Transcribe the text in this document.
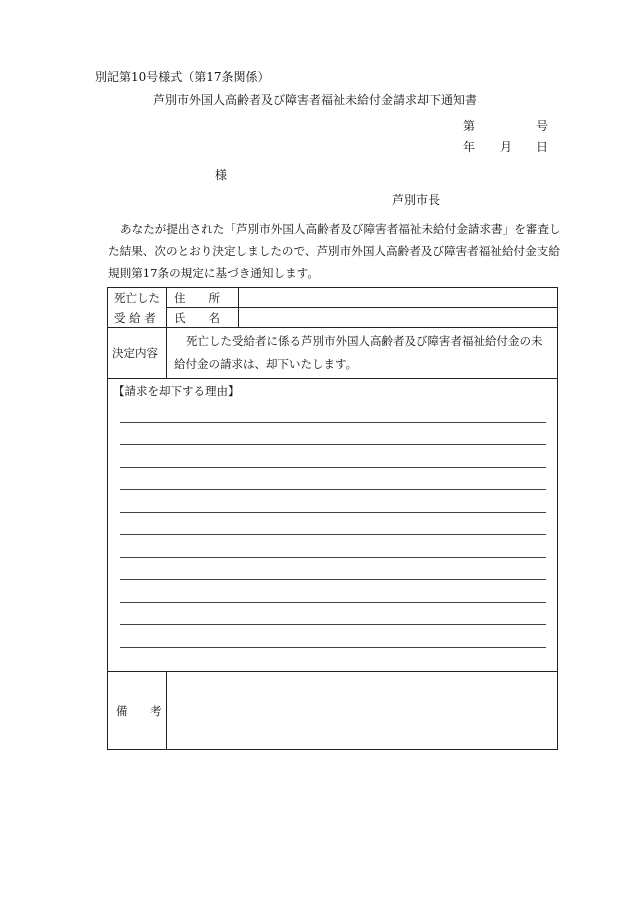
別記第10号様式（第17条関係）
芦別市外国人高齢者及び障害者福祉未給付金請求却下通知書
第	号
年 月 日
様
芦別市長

あなたが提出された「芦別市外国人高齢者及び障害者福祉未給付金請求書」を審査し

た結果、次のとおり決定しましたので、芦別市外国人高齢者及び障害者福祉給付金支給

規則第17条の規定に基づき通知します。

死亡した
受 給 者
住　　所
氏　　名
決定内容
死亡した受給者に係る芦別市外国人高齢者及び障害者福祉給付金の未
給付金の請求は、却下いたします。
【請求を却下する理由】
備 考
